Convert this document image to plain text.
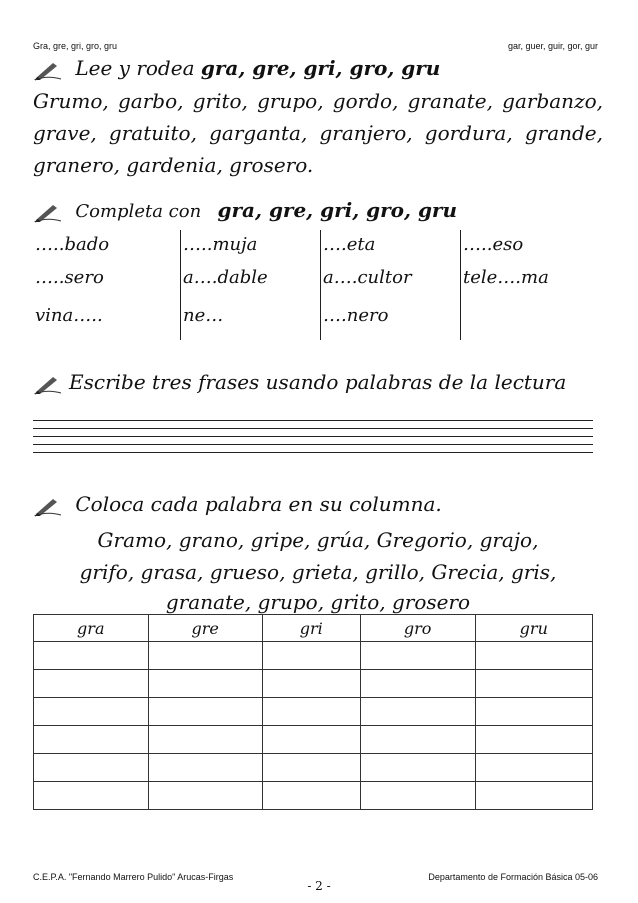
Gra, gre, gri, gro, gru	gar, guer, guir, gor, gur
Lee y rodea gra, gre, gri, gro, gru
Grumo, garbo, grito, grupo, gordo, granate, garbanzo, grave, gratuito, garganta, granjero, gordura, grande, granero, gardenia, grosero.
Completa con gra, gre, gri, gro, gru
…..bado	…..muja	….eta	…..eso
…..sero	a….dable	a….cultor	tele….ma
vina…..	ne…	….nero
Escribe tres frases usando palabras de la lectura
Coloca cada palabra en su columna.
Gramo, grano, gripe, grúa, Gregorio, grajo,
grifo, grasa, grueso, grieta, grillo, Grecia, gris,
granate, grupo, grito, grosero
gra	gre	gri	gro	gru

C.E.P.A. "Fernando Marrero Pulido" Arucas-Firgas	Departamento de Formación Básica 05-06
- 2 -
